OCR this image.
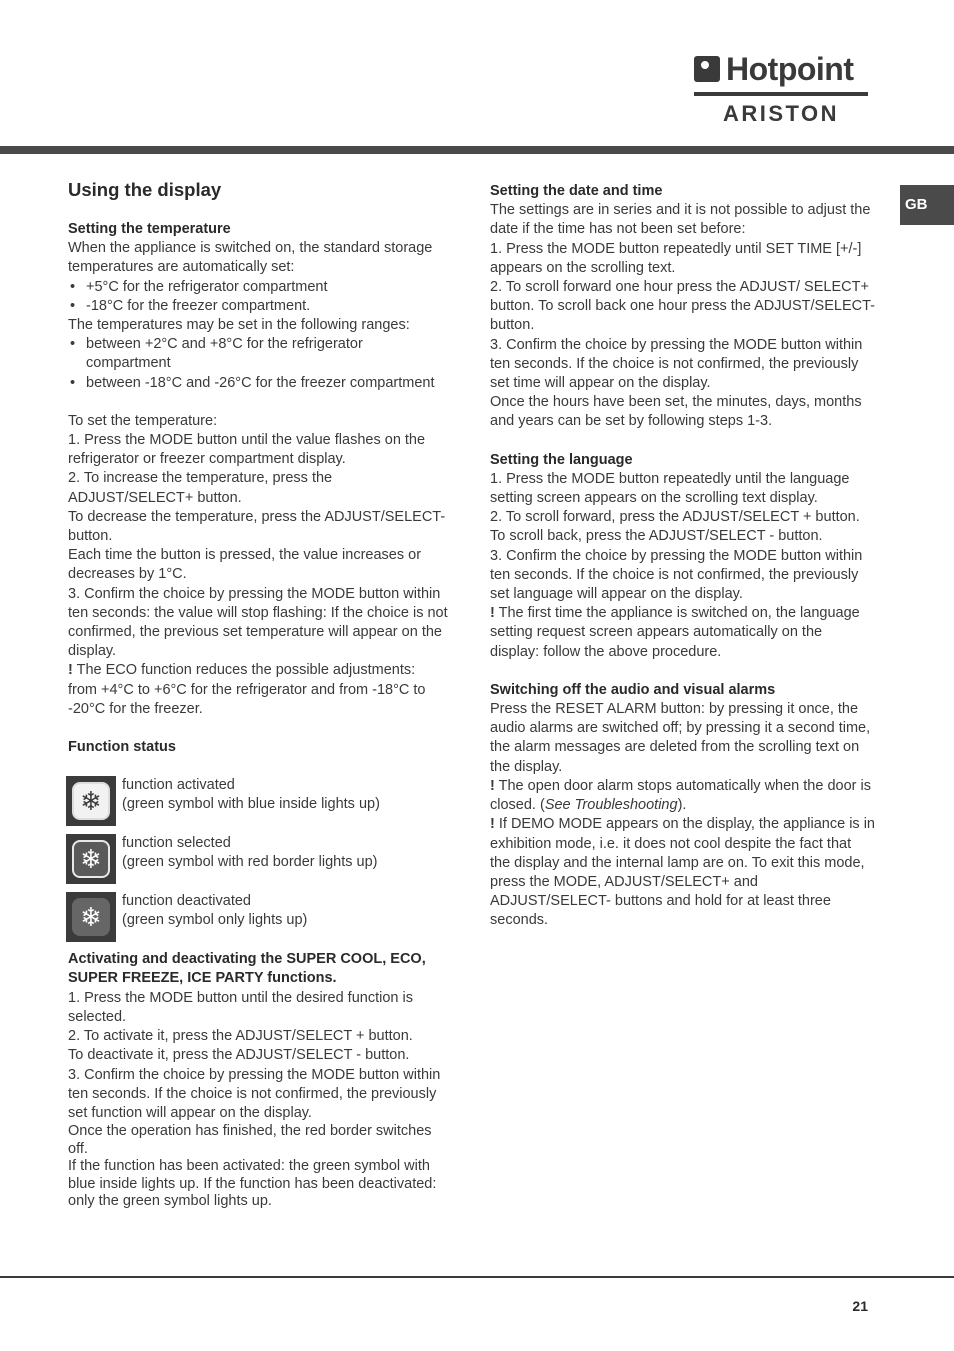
Hotpoint
ARISTON
GB
Using the display
Setting the temperature

When the appliance is switched on, the standard storage temperatures are automatically set:

• +5°C for the refrigerator compartment
• -18°C for the freezer compartment.

The temperatures may be set in the following ranges:

• between +2°C and +8°C for the refrigerator compartment
• between -18°C and -26°C for the freezer compartment

To set the temperature:

1. Press the MODE button until the value flashes on the refrigerator or freezer compartment display.

2. To increase the temperature, press the ADJUST/SELECT+ button.

To decrease the temperature, press the ADJUST/SELECT- button.

Each time the button is pressed, the value increases or decreases by 1°C.

3. Confirm the choice by pressing the MODE button within ten seconds: the value will stop flashing: If the choice is not confirmed, the previous set temperature will appear on the display.

! The ECO function reduces the possible adjustments: from +4°C to +6°C for the refrigerator and from -18°C to -20°C for the freezer.

Function status
❄

function activated

(green symbol with blue inside lights up)

❄

function selected

(green symbol with red border lights up)

❄

function deactivated

(green symbol only lights up)

Activating and deactivating the SUPER COOL, ECO, SUPER FREEZE, ICE PARTY functions.

1. Press the MODE button until the desired function is selected.

2. To activate it, press the ADJUST/SELECT + button.

To deactivate it, press the ADJUST/SELECT - button.

3. Confirm the choice by pressing the MODE button within ten seconds. If the choice is not confirmed, the previously set function will appear on the display.

Once the operation has finished, the red border switches off.

If the function has been activated: the green symbol with blue inside lights up. If the function has been deactivated: only the green symbol lights up.

Setting the date and time

The settings are in series and it is not possible to adjust the date if the time has not been set before:

1. Press the MODE button repeatedly until SET TIME [+/-] appears on the scrolling text.

2. To scroll forward one hour press the ADJUST/ SELECT+ button. To scroll back one hour press the ADJUST/SELECT- button.

3. Confirm the choice by pressing the MODE button within ten seconds. If the choice is not confirmed, the previously set time will appear on the display.

Once the hours have been set, the minutes, days, months and years can be set by following steps 1-3.

Setting the language

1. Press the MODE button repeatedly until the language setting screen appears on the scrolling text display.

2. To scroll forward, press the ADJUST/SELECT + button.

To scroll back, press the ADJUST/SELECT - button.

3. Confirm the choice by pressing the MODE button within ten seconds. If the choice is not confirmed, the previously set language will appear on the display.

! The first time the appliance is switched on, the language setting request screen appears automatically on the display: follow the above procedure.

Switching off the audio and visual alarms

Press the RESET ALARM button: by pressing it once, the audio alarms are switched off; by pressing it a second time, the alarm messages are deleted from the scrolling text on the display.

! The open door alarm stops automatically when the door is closed. (See Troubleshooting).

! If DEMO MODE appears on the display, the appliance is in exhibition mode, i.e. it does not cool despite the fact that the display and the internal lamp are on. To exit this mode, press the MODE, ADJUST/SELECT+ and ADJUST/SELECT- buttons and hold for at least three seconds.

21
